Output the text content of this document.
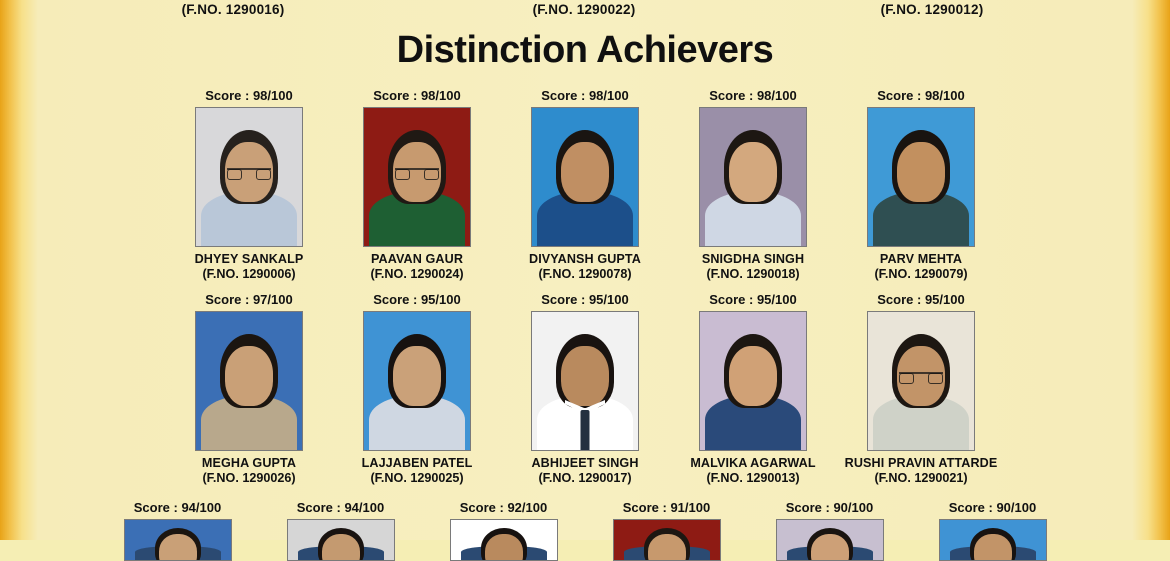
(F.NO. 1290016)	(F.NO. 1290022)	(F.NO. 1290012)
Distinction Achievers
Score : 98/100
DHYEY SANKALP
(F.NO. 1290006)
Score : 98/100
PAAVAN GAUR
(F.NO. 1290024)
Score : 98/100
DIVYANSH GUPTA
(F.NO. 1290078)
Score : 98/100
SNIGDHA SINGH
(F.NO. 1290018)
Score : 98/100
PARV MEHTA
(F.NO. 1290079)
Score : 97/100
MEGHA GUPTA
(F.NO. 1290026)
Score : 95/100
LAJJABEN PATEL
(F.NO. 1290025)
Score : 95/100
ABHIJEET SINGH
(F.NO. 1290017)
Score : 95/100
MALVIKA AGARWAL
(F.NO. 1290013)
Score : 95/100
RUSHI PRAVIN ATTARDE
(F.NO. 1290021)
Score : 94/100	Score : 94/100	Score : 92/100	Score : 91/100	Score : 90/100	Score : 90/100
